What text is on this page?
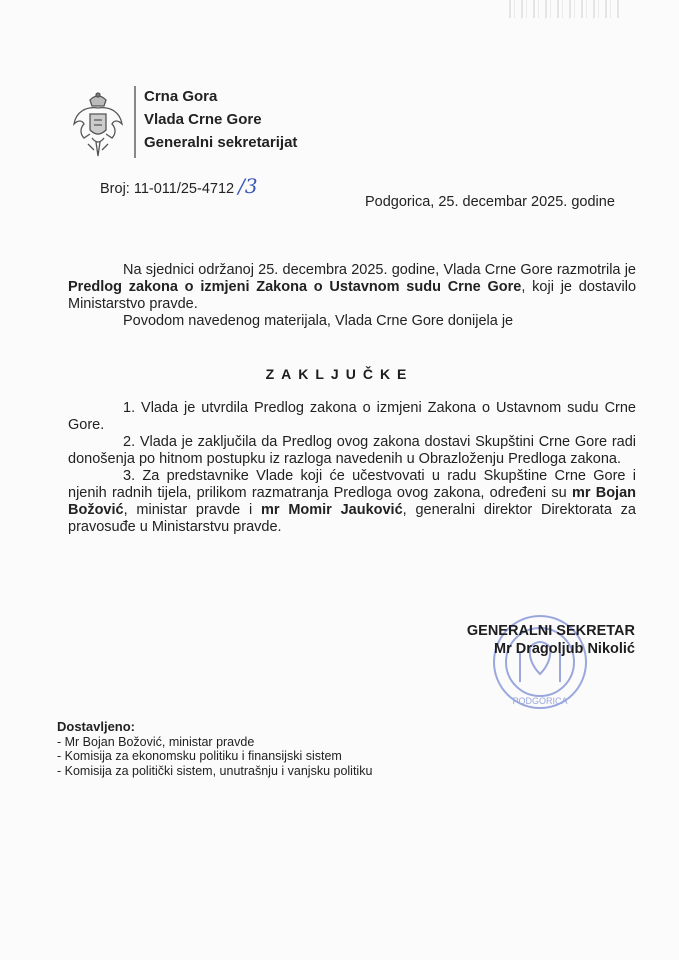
Crna Gora
Vlada Crne Gore
Generalni sekretarijat
Broj: 11-011/25-4712 /3
Podgorica, 25. decembar 2025. godine
Na sjednici održanoj 25. decembra 2025. godine, Vlada Crne Gore razmotrila je Predlog zakona o izmjeni Zakona o Ustavnom sudu Crne Gore, koji je dostavilo Ministarstvo pravde.
Povodom navedenog materijala, Vlada Crne Gore donijela je
ZAKLJUČKE

1. Vlada je utvrdila Predlog zakona o izmjeni Zakona o Ustavnom sudu Crne Gore.

2. Vlada je zaključila da Predlog ovog zakona dostavi Skupštini Crne Gore radi donošenja po hitnom postupku iz razloga navedenih u Obrazloženju Predloga zakona.

3. Za predstavnike Vlade koji će učestvovati u radu Skupštine Crne Gore i njenih radnih tijela, prilikom razmatranja Predloga ovog zakona, određeni su mr Bojan Božović, ministar pravde i mr Momir Jauković, generalni direktor Direktorata za pravosuđe u Ministarstvu pravde.

PODGORICA
GENERALNI SEKRETAR
Mr Dragoljub Nikolić
Dostavljeno:
- Mr Bojan Božović, ministar pravde
- Komisija za ekonomsku politiku i finansijski sistem
- Komisija za politički sistem, unutrašnju i vanjsku politiku
